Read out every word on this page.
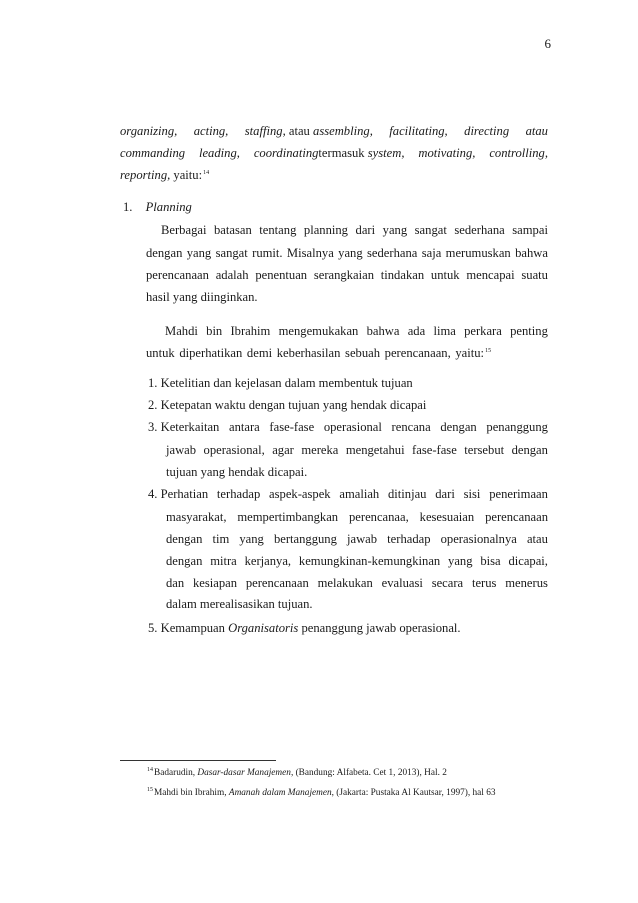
6
organizing, acting, staffing, atau assembling, facilitating, directing atau
commanding leading, coordinatingtermasuk system, motivating, controlling,
reporting, yaitu:$^{14}$
1. Planning
Berbagai batasan tentang planning dari yang sangat sederhana sampai
dengan yang sangat rumit. Misalnya yang sederhana saja merumuskan bahwa
perencanaan adalah penentuan serangkaian tindakan untuk mencapai suatu
hasil yang diinginkan.
Mahdi bin Ibrahim mengemukakan bahwa ada lima perkara penting
untuk diperhatikan demi keberhasilan sebuah perencanaan, yaitu:$^{15}$
1. Ketelitian dan kejelasan dalam membentuk tujuan
2. Ketepatan waktu dengan tujuan yang hendak dicapai
3. Keterkaitan antara fase-fase operasional rencana dengan penanggung
jawab operasional, agar mereka mengetahui fase-fase tersebut dengan
tujuan yang hendak dicapai.
4. Perhatian terhadap aspek-aspek amaliah ditinjau dari sisi penerimaan
masyarakat, mempertimbangkan perencanaa, kesesuaian perencanaan
dengan tim yang bertanggung jawab terhadap operasionalnya atau
dengan mitra kerjanya, kemungkinan-kemungkinan yang bisa dicapai,
dan kesiapan perencanaan melakukan evaluasi secara terus menerus
dalam merealisasikan tujuan.
5. Kemampuan Organisatoris penanggung jawab operasional.
$^{14}$Badarudin, Dasar-dasar Manajemen, (Bandung: Alfabeta. Cet 1, 2013), Hal. 2
$^{15}$Mahdi bin Ibrahim, Amanah dalam Manajemen, (Jakarta: Pustaka Al Kautsar, 1997), hal 63
